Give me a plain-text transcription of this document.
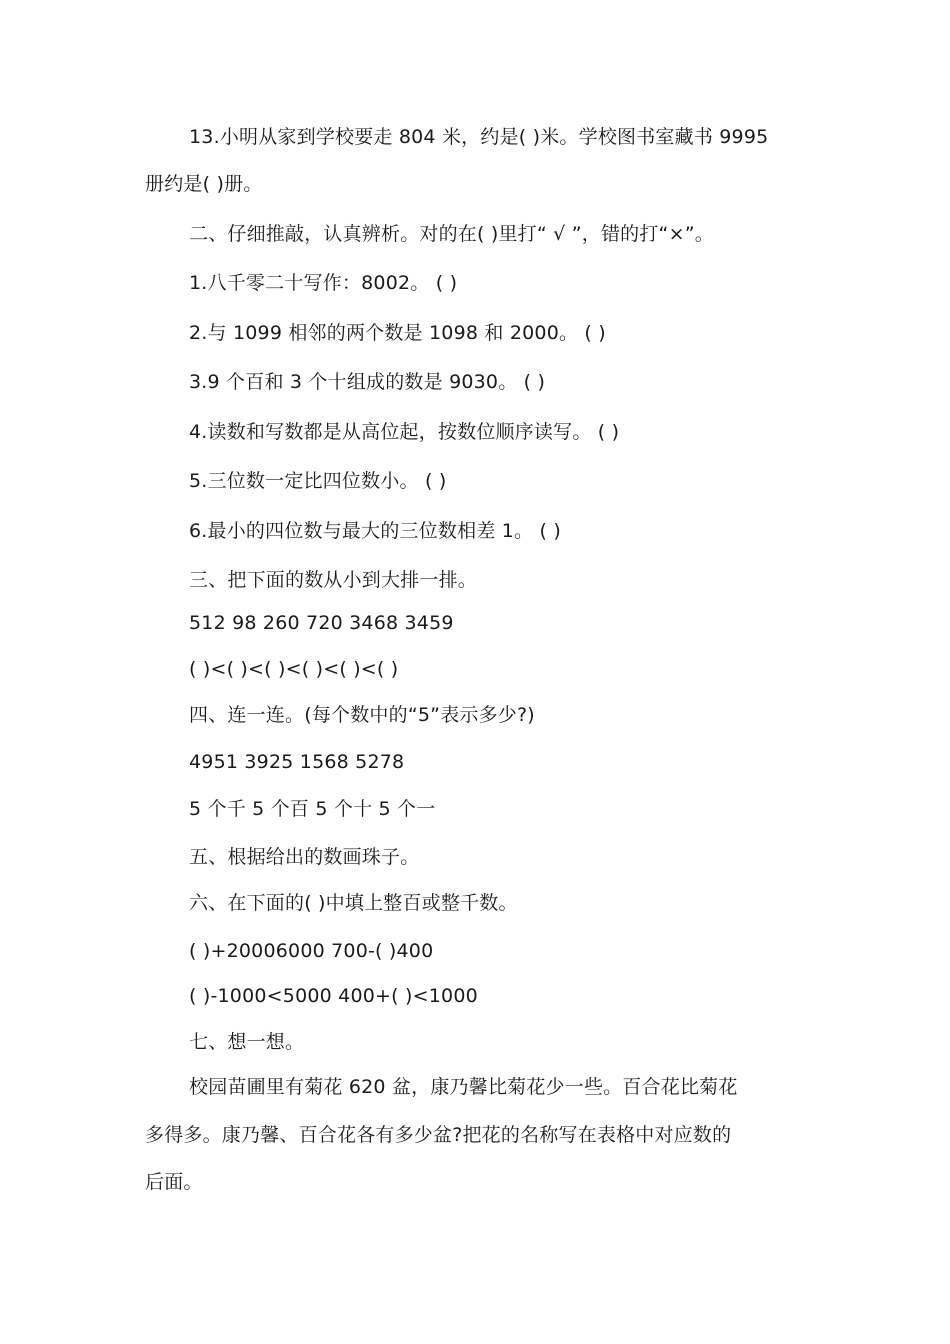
13.小明从家到学校要走 804 米，约是( )米。学校图书室藏书 9995
册约是( )册。
二、仔细推敲，认真辨析。对的在( )里打“ √ ”，错的打“×”。
1.八千零二十写作：8002。 ( )
2.与 1099 相邻的两个数是 1098 和 2000。 ( )
3.9 个百和 3 个十组成的数是 9030。 ( )
4.读数和写数都是从高位起，按数位顺序读写。 ( )
5.三位数一定比四位数小。 ( )
6.最小的四位数与最大的三位数相差 1。 ( )
三、把下面的数从小到大排一排。
512 98 260 720 3468 3459
( )<( )<( )<( )<( )<( )
四、连一连。(每个数中的“5”表示多少?)
4951 3925 1568 5278
5 个千 5 个百 5 个十 5 个一
五、根据给出的数画珠子。
六、在下面的( )中填上整百或整千数。
( )+20006000 700-( )400
( )-1000<5000 400+( )<1000
七、想一想。
校园苗圃里有菊花 620 盆，康乃馨比菊花少一些。百合花比菊花
多得多。康乃馨、百合花各有多少盆?把花的名称写在表格中对应数的
后面。
